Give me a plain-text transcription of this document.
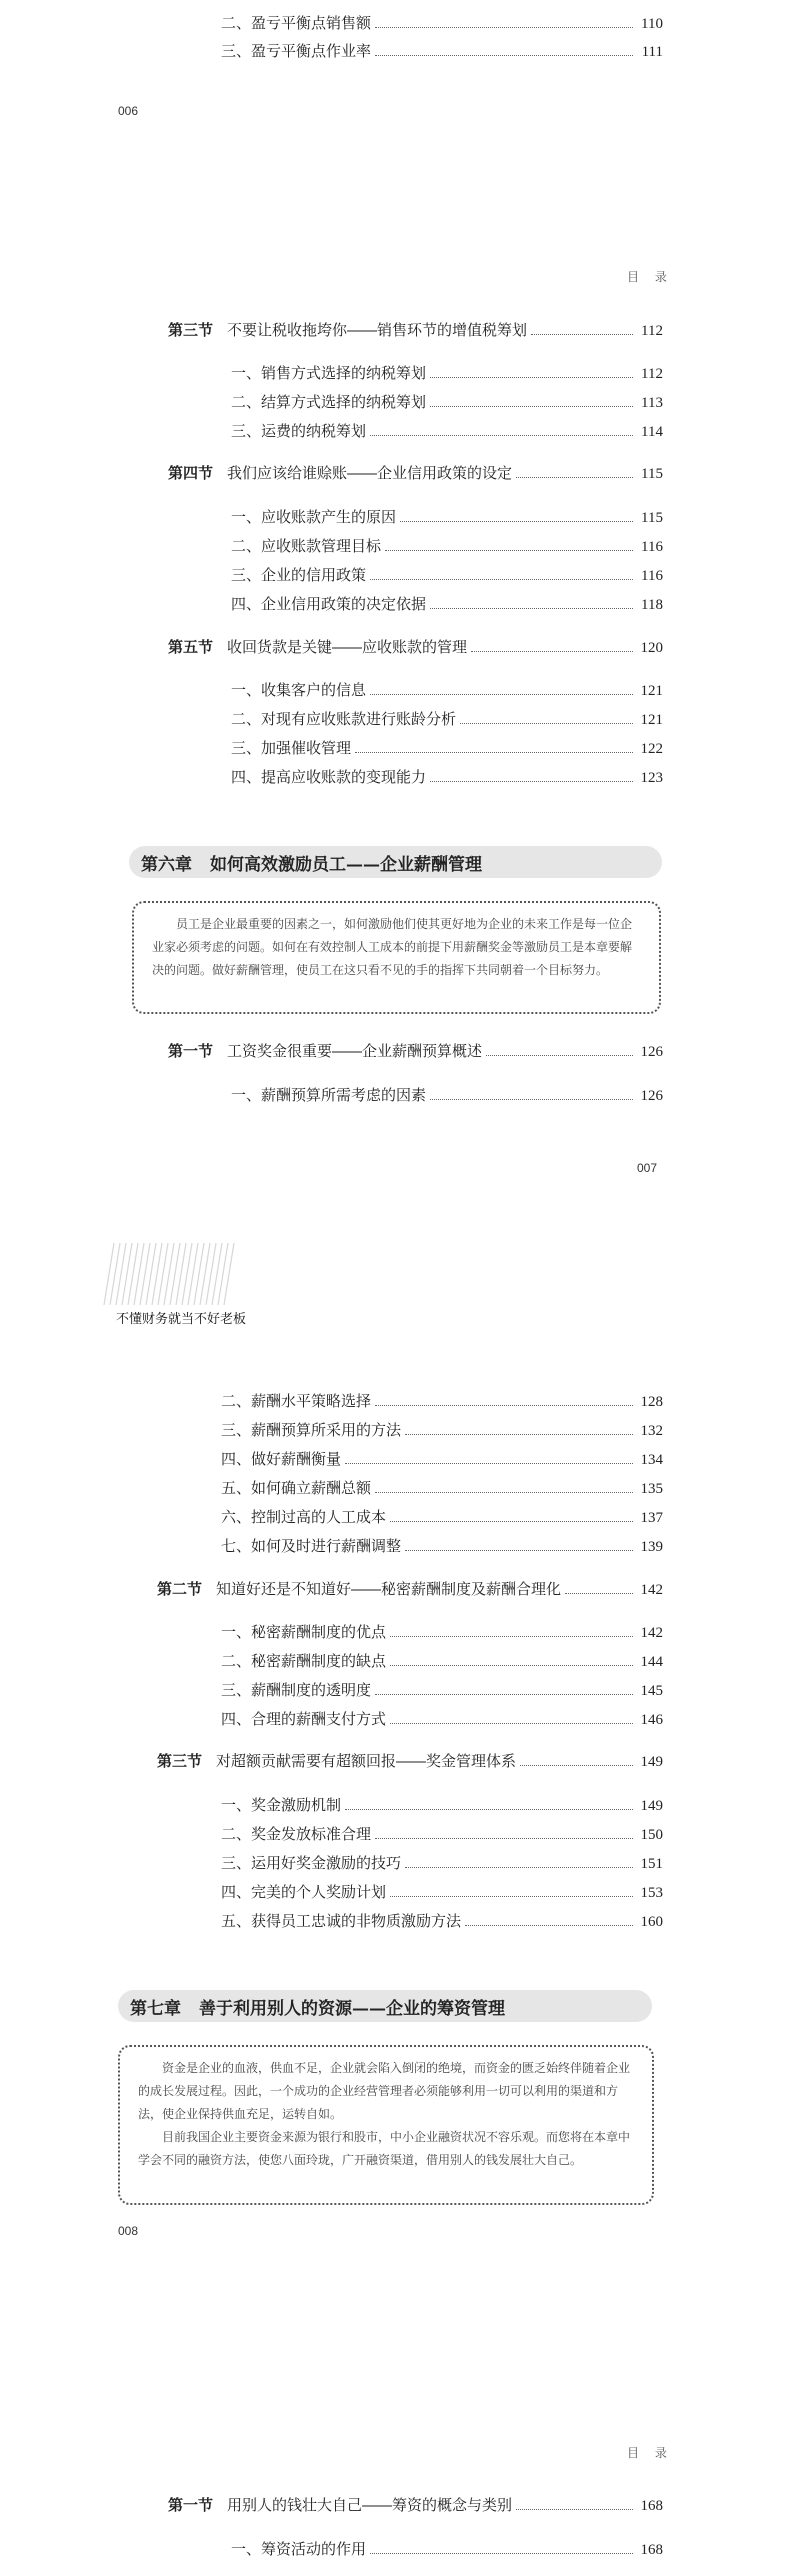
二、盈亏平衡点销售额	110
三、盈亏平衡点作业率	111
006
目 录
第三节 不要让税收拖垮你——销售环节的增值税筹划	112
一、销售方式选择的纳税筹划	112
二、结算方式选择的纳税筹划	113
三、运费的纳税筹划	114
第四节 我们应该给谁赊账——企业信用政策的设定	115
一、应收账款产生的原因	115
二、应收账款管理目标	116
三、企业的信用政策	116
四、企业信用政策的决定依据	118
第五节 收回货款是关键——应收账款的管理	120
一、收集客户的信息	121
二、对现有应收账款进行账龄分析	121
三、加强催收管理	122
四、提高应收账款的变现能力	123
第六章 如何高效激励员工——企业薪酬管理

员工是企业最重要的因素之一，如何激励他们使其更好地为企业的未来工作是每一位企业家必须考虑的问题。如何在有效控制人工成本的前提下用薪酬奖金等激励员工是本章要解决的问题。做好薪酬管理，使员工在这只看不见的手的指挥下共同朝着一个目标努力。

第一节 工资奖金很重要——企业薪酬预算概述	126
一、薪酬预算所需考虑的因素	126
007
不懂财务就当不好老板
二、薪酬水平策略选择	128
三、薪酬预算所采用的方法	132
四、做好薪酬衡量	134
五、如何确立薪酬总额	135
六、控制过高的人工成本	137
七、如何及时进行薪酬调整	139
第二节 知道好还是不知道好——秘密薪酬制度及薪酬合理化	142
一、秘密薪酬制度的优点	142
二、秘密薪酬制度的缺点	144
三、薪酬制度的透明度	145
四、合理的薪酬支付方式	146
第三节 对超额贡献需要有超额回报——奖金管理体系	149
一、奖金激励机制	149
二、奖金发放标准合理	150
三、运用好奖金激励的技巧	151
四、完美的个人奖励计划	153
五、获得员工忠诚的非物质激励方法	160
第七章 善于利用别人的资源——企业的筹资管理

资金是企业的血液，供血不足，企业就会陷入倒闭的绝境，而资金的匮乏始终伴随着企业的成长发展过程。因此，一个成功的企业经营管理者必须能够利用一切可以利用的渠道和方法，使企业保持供血充足，运转自如。

目前我国企业主要资金来源为银行和股市，中小企业融资状况不容乐观。而您将在本章中学会不同的融资方法，使您八面玲珑，广开融资渠道，借用别人的钱发展壮大自己。

008
目 录
第一节 用别人的钱壮大自己——筹资的概念与类别	168
一、筹资活动的作用	168
